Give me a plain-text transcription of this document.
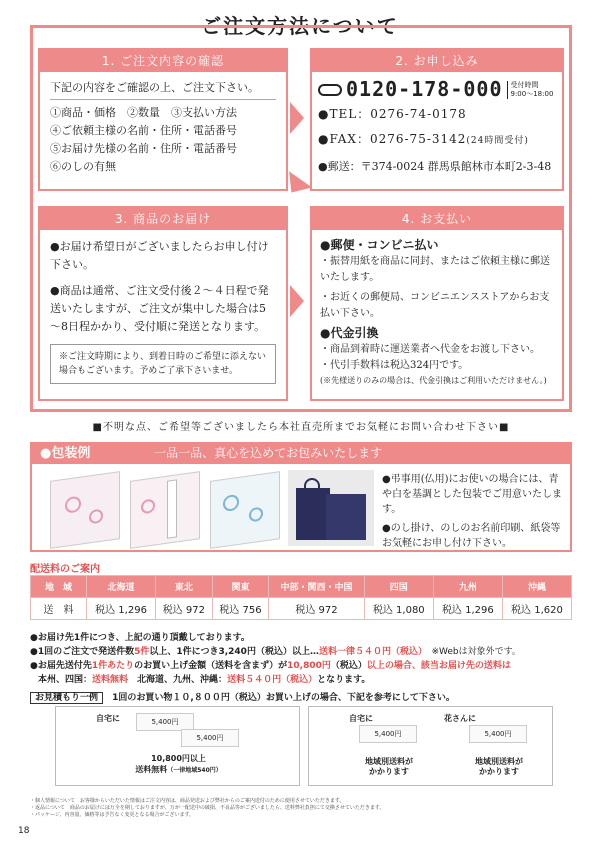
ご注文方法について
1. ご注文内容の確認
下記の内容をご確認の上、ご注文下さい。
①商品・価格　②数量　③支払い方法
④ご依頼主様の名前・住所・電話番号
⑤お届け先様の名前・住所・電話番号
⑥のしの有無
2. お申し込み
0120-178-000 受付時間
9:00～18:00
●TEL：0276-74-0178
●FAX：0276-75-3142(24時間受付)
●郵送：〒374-0024 群馬県館林市本町2-3-48
3. 商品のお届け
●お届け希望日がございましたらお申し付け下さい。
●商品は通常、ご注文受付後２～４日程で発送いたしますが、ご注文が集中した場合は5～8日程かかり、受付順に発送となります。
※ご注文時期により、到着日時のご希望に添えない場合もございます。予めご了承下さいませ。
4. お支払い
●郵便・コンビニ払い
・振替用紙を商品に同封、またはご依頼主様に郵送いたします。
・お近くの郵便局、コンビニエンスストアからお支払い下さい。
●代金引換
・商品到着時に運送業者へ代金をお渡し下さい。
・代引手数料は税込324円です。
(※先様送りのみの場合は、代金引換はご利用いただけません。)
■不明な点、ご希望等ございましたら本社直売所までお気軽にお問い合わせ下さい■
●包装例	一品一品、真心を込めてお包みいたします
●弔事用(仏用)にお使いの場合には、青や白を基調とした包装でご用意いたします。
●のし掛け、のしのお名前印刷、紙袋等お気軽にお申し付け下さい。
配送料のご案内
地　域	北海道	東北	関東	中部・関西・中国	四国	九州	沖縄
送　料	税込 1,296	税込 972	税込 756	税込 972	税込 1,080	税込 1,296	税込 1,620
●お届け先1件につき、上記の通り頂戴しております。
●1回のご注文で発送件数5件以上、1件につき3,240円（税込）以上…送料一律５４０円（税込）　 ※Webは対象外です。
●お届先送付先1件あたりのお買い上げ金額（送料を含まず）が10,800円（税込）以上の場合、該当お届け先の送料は
本州、四国：送料無料　 北海道、九州、沖縄：送料５４０円（税込）となります。
お見積もり一例 1回のお買い物１０,８００円（税込）お買い上げの場合、下記を参考にして下さい。
自宅に	5,400円
5,400円
10,800円以上
送料無料（一律地域540円）
自宅に	花さんに
5,400円	5,400円
地域別送料が
かかります
地域別送料が
かかります
・個人情報について　お客様からいただいた情報はご注文内容は、商品発送および弊社からのご案内送付のために使用させていただきます。
・返品について　商品のお届けには万全を期しておりますが、万が一配送中の破損、不良品等がございましたら、送料弊社負担にて交換させていただきます。
・パッケージ、内容量、価格等は予告なく変更となる場合がございます。
18
